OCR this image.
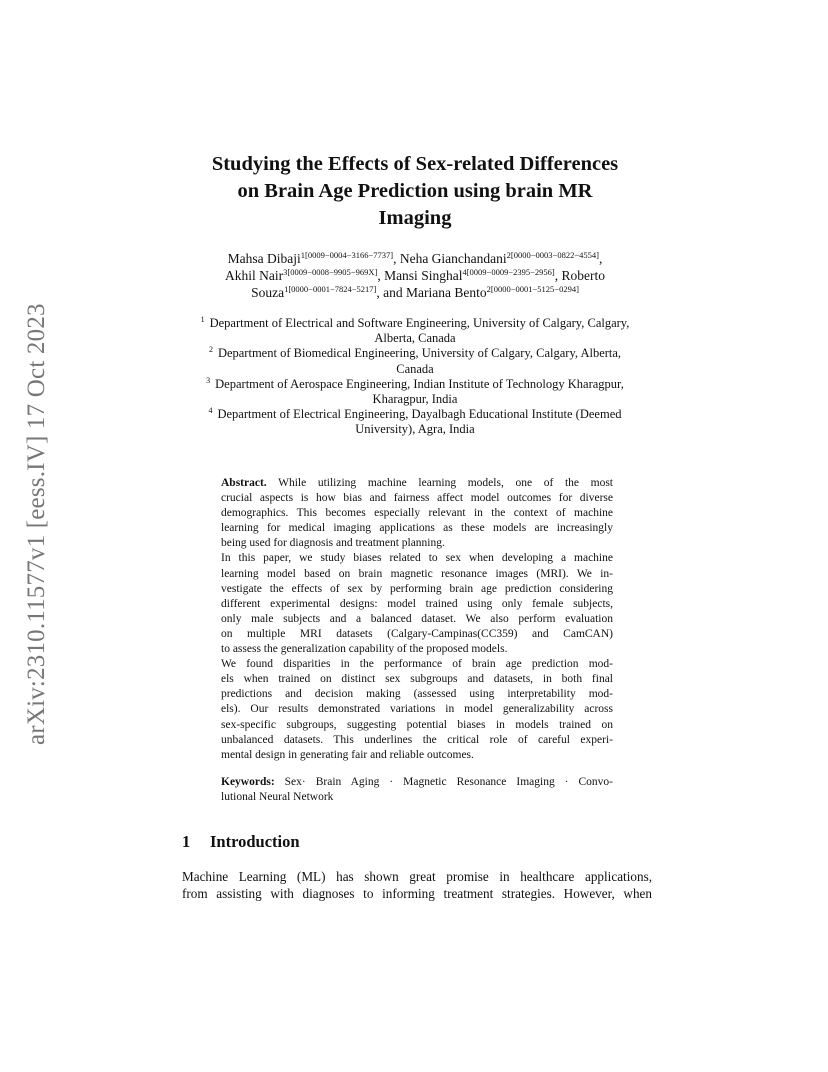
arXiv:2310.11577v1 [eess.IV] 17 Oct 2023
Studying the Effects of Sex-related Differences
on Brain Age Prediction using brain MR
Imaging
Mahsa Dibaji$^{1[0009-0004-3166-7737]}$, Neha Gianchandani$^{2[0000-0003-0822-4554]}$,
Akhil Nair$^{3[0009-0008-9905-969X]}$, Mansi Singhal$^{4[0009-0009-2395-2956]}$, Roberto
Souza$^{1[0000-0001-7824-5217]}$, and Mariana Bento$^{2[0000-0001-5125-0294]}$
$^1$ Department of Electrical and Software Engineering, University of Calgary, Calgary,
Alberta, Canada
$^2$ Department of Biomedical Engineering, University of Calgary, Calgary, Alberta,
Canada
$^3$ Department of Aerospace Engineering, Indian Institute of Technology Kharagpur,
Kharagpur, India
$^4$ Department of Electrical Engineering, Dayalbagh Educational Institute (Deemed
University), Agra, India
Abstract. While utilizing machine learning models, one of the most
crucial aspects is how bias and fairness affect model outcomes for diverse
demographics. This becomes especially relevant in the context of machine
learning for medical imaging applications as these models are increasingly
being used for diagnosis and treatment planning.
In this paper, we study biases related to sex when developing a machine
learning model based on brain magnetic resonance images (MRI). We in-
vestigate the effects of sex by performing brain age prediction considering
different experimental designs: model trained using only female subjects,
only male subjects and a balanced dataset. We also perform evaluation
on multiple MRI datasets (Calgary-Campinas(CC359) and CamCAN)
to assess the generalization capability of the proposed models.
We found disparities in the performance of brain age prediction mod-
els when trained on distinct sex subgroups and datasets, in both final
predictions and decision making (assessed using interpretability mod-
els). Our results demonstrated variations in model generalizability across
sex-specific subgroups, suggesting potential biases in models trained on
unbalanced datasets. This underlines the critical role of careful experi-
mental design in generating fair and reliable outcomes.
Keywords: Sex· Brain Aging · Magnetic Resonance Imaging · Convo-
lutional Neural Network
1 Introduction
Machine Learning (ML) has shown great promise in healthcare applications,
from assisting with diagnoses to informing treatment strategies. However, when
